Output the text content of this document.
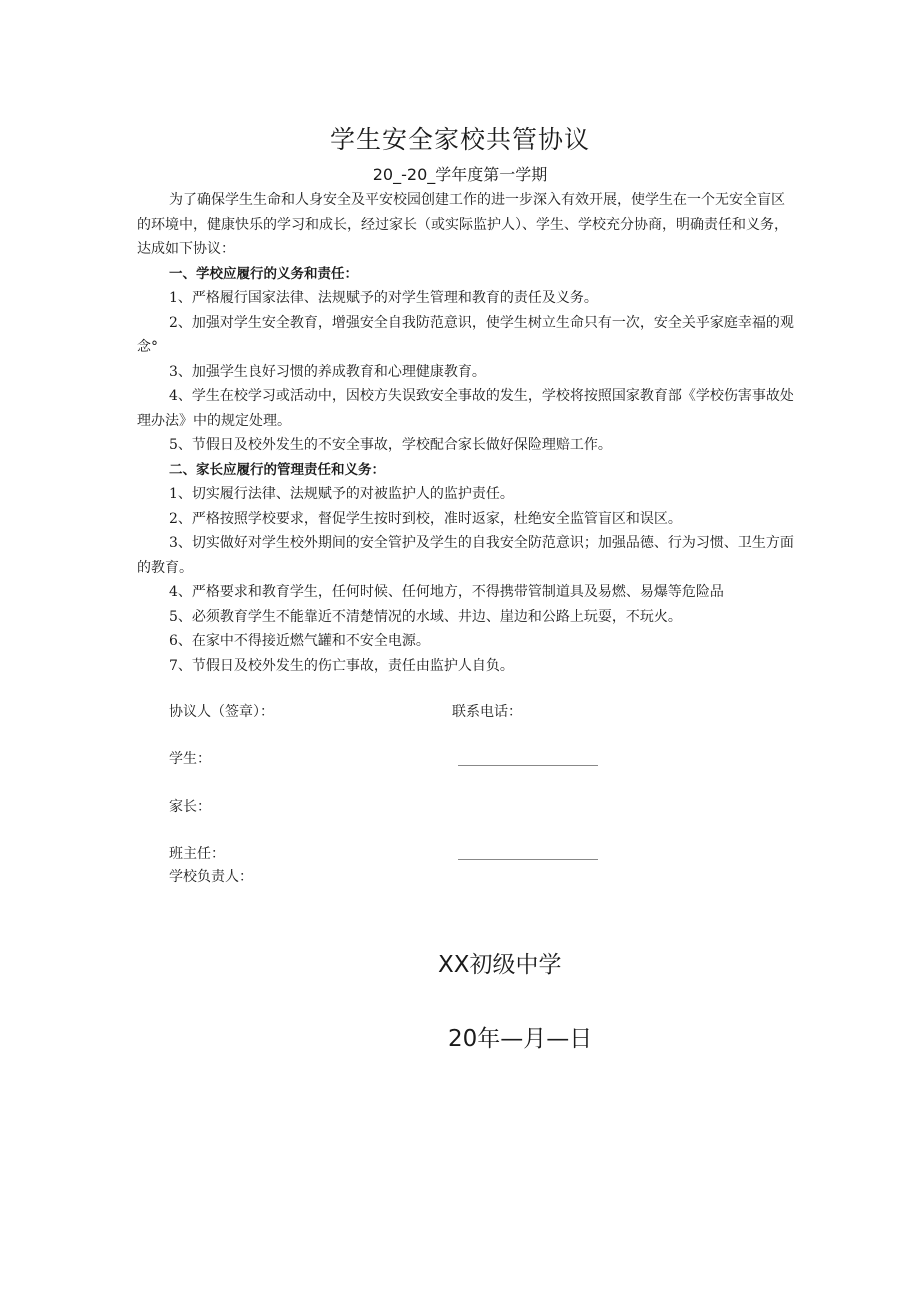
学生安全家校共管协议
20_-20_学年度第一学期

为了确保学生生命和人身安全及平安校园创建工作的进一步深入有效开展，使学生在一个无安全盲区的环境中，健康快乐的学习和成长，经过家长（或实际监护人）、学生、学校充分协商，明确责任和义务，达成如下协议：

一、学校应履行的义务和责任：

1、严格履行国家法律、法规赋予的对学生管理和教育的责任及义务。

2、加强对学生安全教育，增强安全自我防范意识，使学生树立生命只有一次，安全关乎家庭幸福的观念°

3、加强学生良好习惯的养成教育和心理健康教育。

4、学生在校学习或活动中，因校方失误致安全事故的发生，学校将按照国家教育部《学校伤害事故处理办法》中的规定处理。

5、节假日及校外发生的不安全事故，学校配合家长做好保险理赔工作。

二、家长应履行的管理责任和义务：

1、切实履行法律、法规赋予的对被监护人的监护责任。

2、严格按照学校要求，督促学生按时到校，准时返家，杜绝安全监管盲区和误区。

3、切实做好对学生校外期间的安全管护及学生的自我安全防范意识；加强品德、行为习惯、卫生方面的教育。

4、严格要求和教育学生，任何时候、任何地方，不得携带管制道具及易燃、易爆等危险品

5、必须教育学生不能靠近不清楚情况的水域、井边、崖边和公路上玩耍，不玩火。

6、在家中不得接近燃气罐和不安全电源。

7、节假日及校外发生的伤亡事故，责任由监护人自负。

协议人（签章）：	联系电话：
学生：
家长：
班主任：
学校负责人：
XX初级中学
20年—月—日
